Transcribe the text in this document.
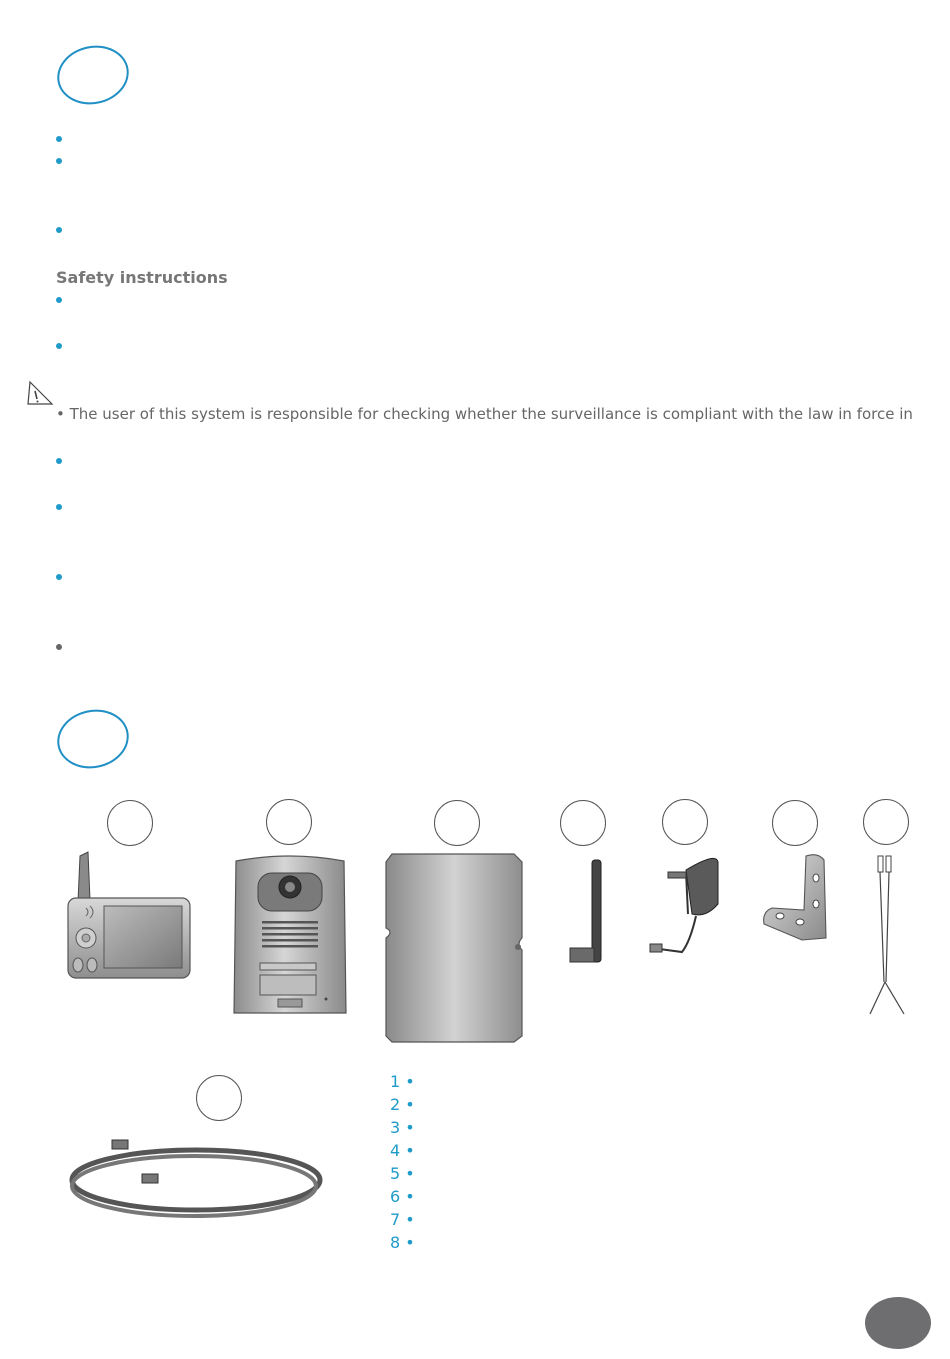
Safety instructions
• The user of this system is responsible for checking whether the surveillance is compliant with the law in force in
1 •
2 •
3 •
4 •
5 •
6 •
7 •
8 •
